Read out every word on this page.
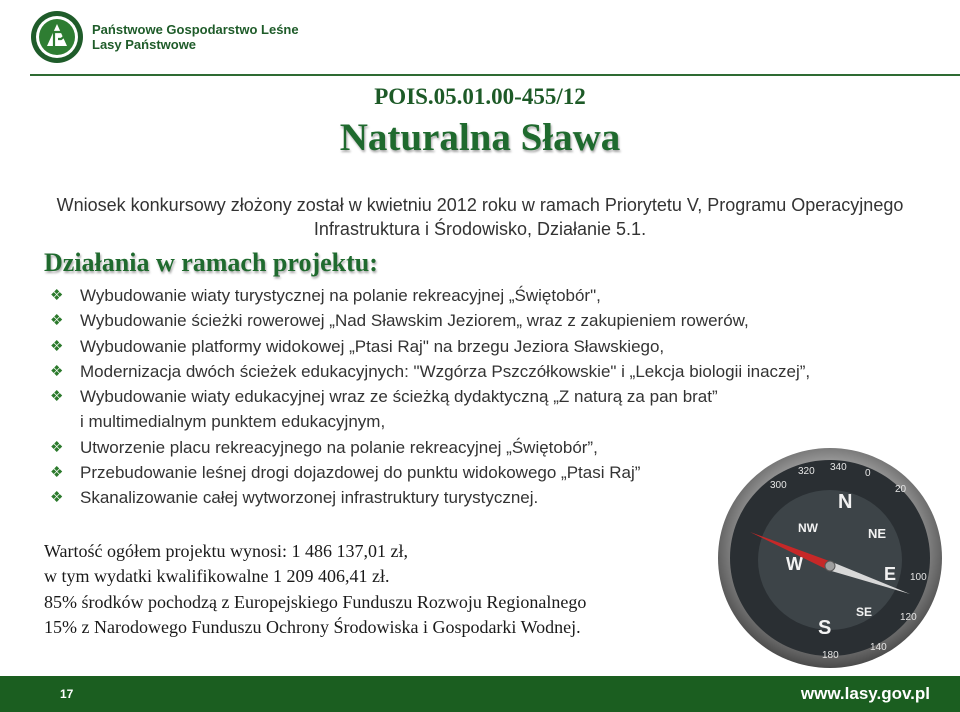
Państwowe Gospodarstwo Leśne
Lasy Państwowe
POIS.05.01.00-455/12
Naturalna Sława
Wniosek konkursowy złożony został w kwietniu 2012 roku w ramach Priorytetu V, Programu Operacyjnego Infrastruktura i Środowisko, Działanie 5.1.
Działania w ramach projektu:
320 340
0
20
300
100
120
140
180
N
NE
E
SE
S
W
NW
❖ Wybudowanie wiaty turystycznej na polanie rekreacyjnej „Świętobór",
❖ Wybudowanie ścieżki rowerowej „Nad Sławskim Jeziorem„ wraz z zakupieniem rowerów,
❖ Wybudowanie platformy widokowej „Ptasi Raj" na brzegu Jeziora Sławskiego,
❖ Modernizacja dwóch ścieżek edukacyjnych: "Wzgórza Pszczółkowskie" i „Lekcja biologii inaczej”,
❖ Wybudowanie wiaty edukacyjnej wraz ze ścieżką dydaktyczną „Z naturą za pan brat”
i multimedialnym punktem edukacyjnym,
❖ Utworzenie placu rekreacyjnego na polanie rekreacyjnej „Świętobór”,
❖ Przebudowanie leśnej drogi dojazdowej do punktu widokowego „Ptasi Raj”
❖ Skanalizowanie całej wytworzonej infrastruktury turystycznej.
Wartość ogółem projektu wynosi: 1 486 137,01 zł,
w tym wydatki kwalifikowalne 1 209 406,41 zł.
85% środków pochodzą z Europejskiego Funduszu Rozwoju Regionalnego
15% z Narodowego Funduszu Ochrony Środowiska i Gospodarki Wodnej.
17	www.lasy.gov.pl
